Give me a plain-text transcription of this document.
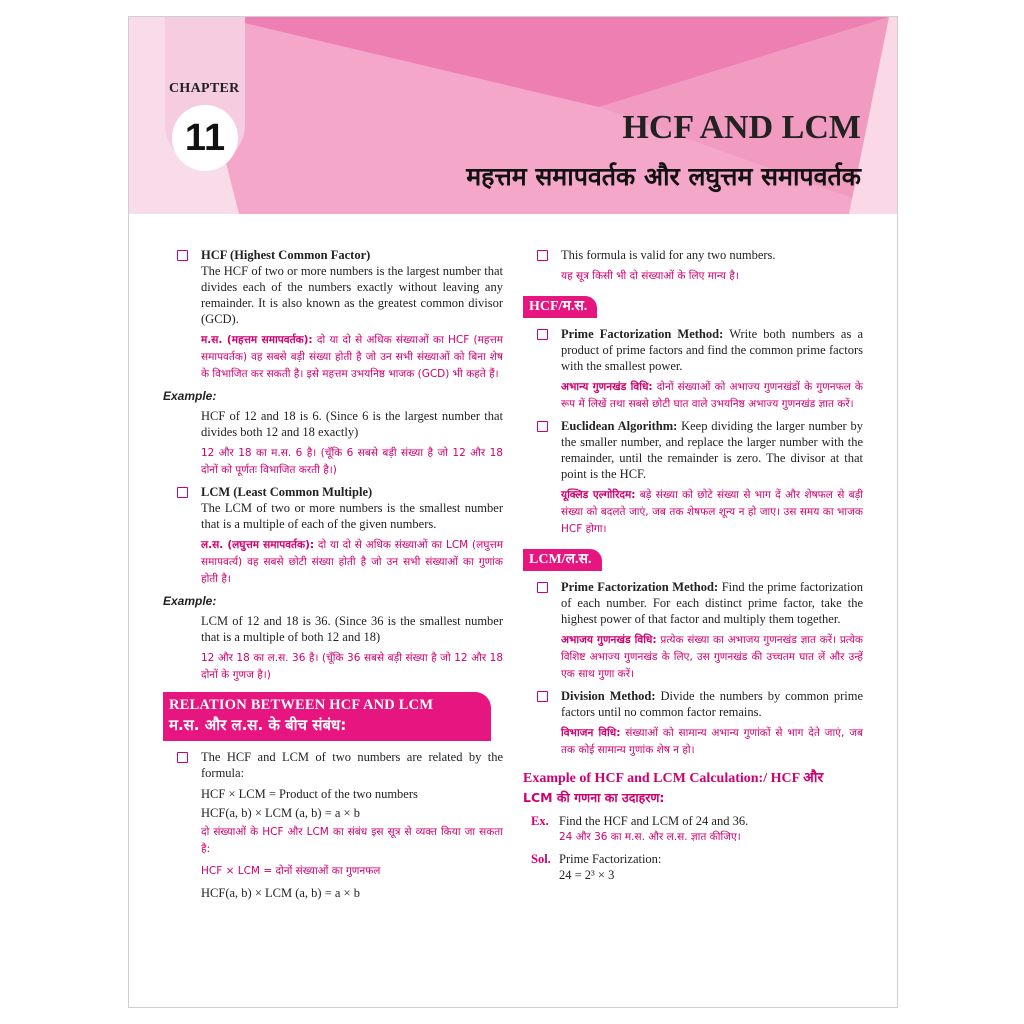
CHAPTER
11	HCF AND LCM
महत्तम समापवर्तक और लघुत्तम समापवर्तक
HCF (Highest Common Factor)

The HCF of two or more numbers is the largest number that divides each of the numbers exactly without leaving any remainder. It is also known as the greatest common divisor (GCD).

म.स. (महत्तम समापवर्तक): दो या दो से अधिक संख्याओं का HCF (महत्तम समापवर्तक) वह सबसे बड़ी संख्या होती है जो उन सभी संख्याओं को बिना शेष के विभाजित कर सकती है। इसे महत्तम उभयनिष्ठ भाजक (GCD) भी कहते हैं।

Example:

HCF of 12 and 18 is 6. (Since 6 is the largest number that divides both 12 and 18 exactly)

12 और 18 का म.स. 6 है। (चूँकि 6 सबसे बड़ी संख्या है जो 12 और 18 दोनों को पूर्णतः विभाजित करती है।)

LCM (Least Common Multiple)

The LCM of two or more numbers is the smallest number that is a multiple of each of the given numbers.

ल.स. (लघुत्तम समापवर्तक): दो या दो से अधिक संख्याओं का LCM (लघुत्तम समापवर्त्य) वह सबसे छोटी संख्या होती है जो उन सभी संख्याओं का गुणांक होती है।

Example:

LCM of 12 and 18 is 36. (Since 36 is the smallest number that is a multiple of both 12 and 18)

12 और 18 का ल.स. 36 है। (चूँकि 36 सबसे बड़ी संख्या है जो 12 और 18 दोनों के गुणज है।)

RELATION BETWEEN HCF AND LCM
म.स. और ल.स. के बीच संबंध:

The HCF and LCM of two numbers are related by the formula:

HCF × LCM = Product of the two numbers
HCF(a, b) × LCM (a, b) = a × b

दो संख्याओं के HCF और LCM का संबंध इस सूत्र से व्यक्त किया जा सकता है:

HCF × LCM = दोनों संख्याओं का गुणनफल

HCF(a, b) × LCM (a, b) = a × b

This formula is valid for any two numbers.

यह सूत्र किसी भी दो संख्याओं के लिए मान्य है।

HCF/म.स.

Prime Factorization Method: Write both numbers as a product of prime factors and find the common prime factors with the smallest power.

अभान्य गुणनखंड विधि: दोनों संख्याओं को अभाज्य गुणनखंडों के गुणनफल के रूप में लिखें तथा सबसे छोटी घात वाले उभयनिष्ठ अभाज्य गुणनखंड ज्ञात करें।

Euclidean Algorithm: Keep dividing the larger number by the smaller number, and replace the larger number with the remainder, until the remainder is zero. The divisor at that point is the HCF.

यूक्लिड एल्गोरिदम: बड़े संख्या को छोटे संख्या से भाग दें और शेषफल से बड़ी संख्या को बदलते जाएं, जब तक शेषफल शून्य न हो जाए। उस समय का भाजक HCF होगा।

LCM/ल.स.

Prime Factorization Method: Find the prime factorization of each number. For each distinct prime factor, take the highest power of that factor and multiply them together.

अभाजय गुणनखंड विधि: प्रत्येक संख्या का अभाजय गुणनखंड ज्ञात करें। प्रत्येक विशिष्ट अभाज्य गुणनखंड के लिए, उस गुणनखंड की उच्चतम घात लें और उन्हें एक साथ गुणा करें।

Division Method: Divide the numbers by common prime factors until no common factor remains.

विभाजन विधि: संख्याओं को सामान्य अभान्य गुणांकों से भाग देते जाएं, जब तक कोई सामान्य गुणांक शेष न हो।

Example of HCF and LCM Calculation:/ HCF और
LCM की गणना का उदाहरण:
Ex. Find the HCF and LCM of 24 and 36.
24 और 36 का म.स. और ल.स. ज्ञात कीजिए।
Sol. Prime Factorization:
24 = 2³ × 3
